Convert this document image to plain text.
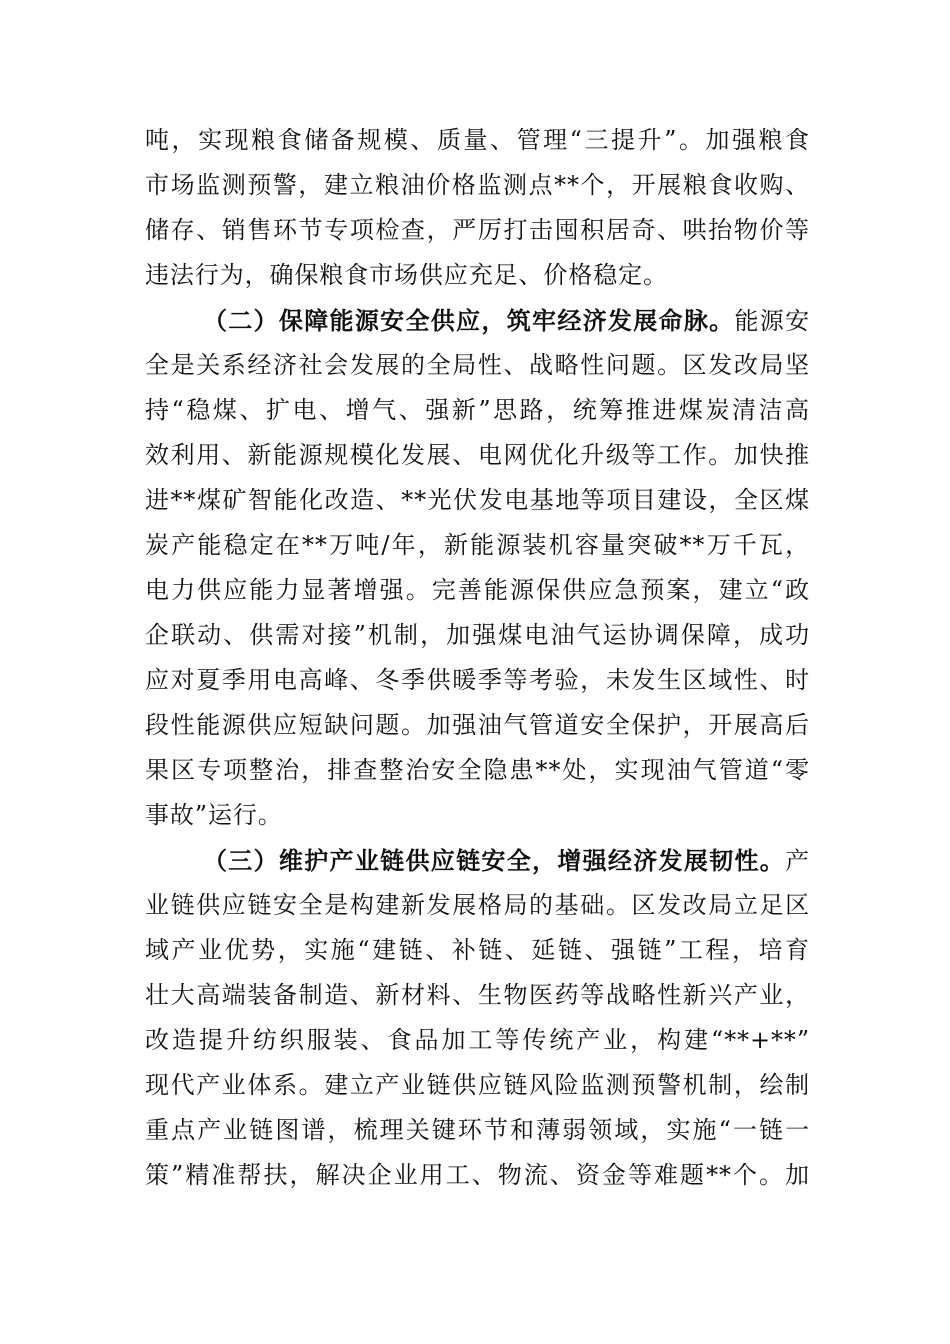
吨，实现粮食储备规模、质量、管理“三提升”。加强粮食
市场监测预警，建立粮油价格监测点**个，开展粮食收购、
储存、销售环节专项检查，严厉打击囤积居奇、哄抬物价等
违法行为，确保粮食市场供应充足、价格稳定。
（二）保障能源安全供应，筑牢经济发展命脉。能源安
全是关系经济社会发展的全局性、战略性问题。区发改局坚
持“稳煤、扩电、增气、强新”思路，统筹推进煤炭清洁高
效利用、新能源规模化发展、电网优化升级等工作。加快推
进**煤矿智能化改造、**光伏发电基地等项目建设，全区煤
炭产能稳定在**万吨/年，新能源装机容量突破**万千瓦，
电力供应能力显著增强。完善能源保供应急预案，建立“政
企联动、供需对接”机制，加强煤电油气运协调保障，成功
应对夏季用电高峰、冬季供暖季等考验，未发生区域性、时
段性能源供应短缺问题。加强油气管道安全保护，开展高后
果区专项整治，排查整治安全隐患**处，实现油气管道“零
事故”运行。
（三）维护产业链供应链安全，增强经济发展韧性。产
业链供应链安全是构建新发展格局的基础。区发改局立足区
域产业优势，实施“建链、补链、延链、强链”工程，培育
壮大高端装备制造、新材料、生物医药等战略性新兴产业，
改造提升纺织服装、食品加工等传统产业，构建“**+**”
现代产业体系。建立产业链供应链风险监测预警机制，绘制
重点产业链图谱，梳理关键环节和薄弱领域，实施“一链一
策”精准帮扶，解决企业用工、物流、资金等难题**个。加
